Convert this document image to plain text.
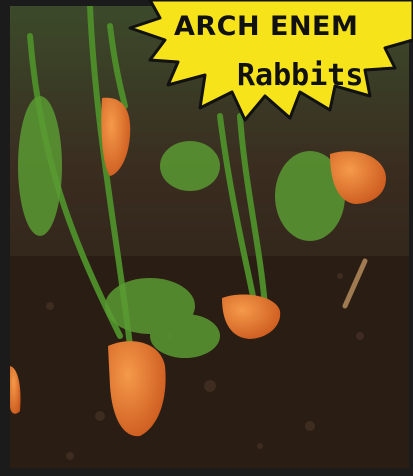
ARCH ENEM
Rabbits
